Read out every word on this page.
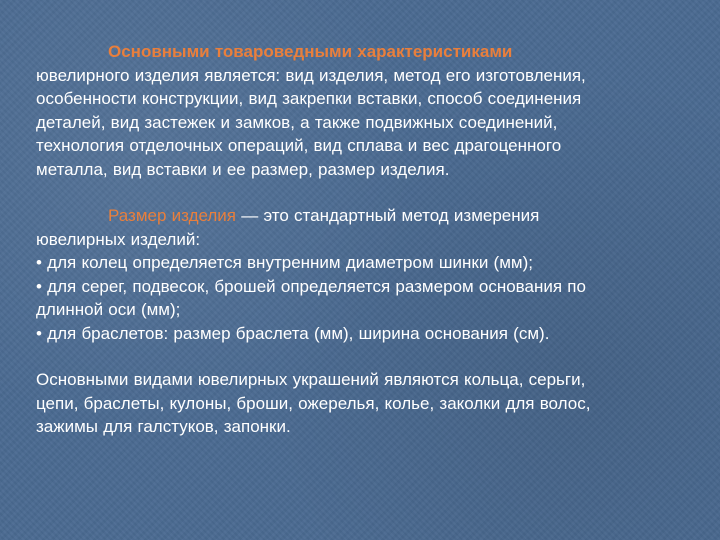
Основными товароведными характеристиками
ювелирного изделия является: вид изделия, метод его изготовления,
особенности конструкции, вид закрепки вставки, способ соединения
деталей, вид застежек и замков, а также подвижных соединений,
технология отделочных операций, вид сплава и вес драгоценного
металла, вид вставки и ее размер, размер изделия.

Размер изделия — это стандартный метод измерения
ювелирных изделий:
• для колец определяется внутренним диаметром шинки (мм);
• для серег, подвесок, брошей определяется размером основания по
длинной оси (мм);
• для браслетов: размер браслета (мм), ширина основания (см).

Основными видами ювелирных украшений являются кольца, серьги,
цепи, браслеты, кулоны, броши, ожерелья, колье, заколки для волос,
зажимы для галстуков, запонки.
